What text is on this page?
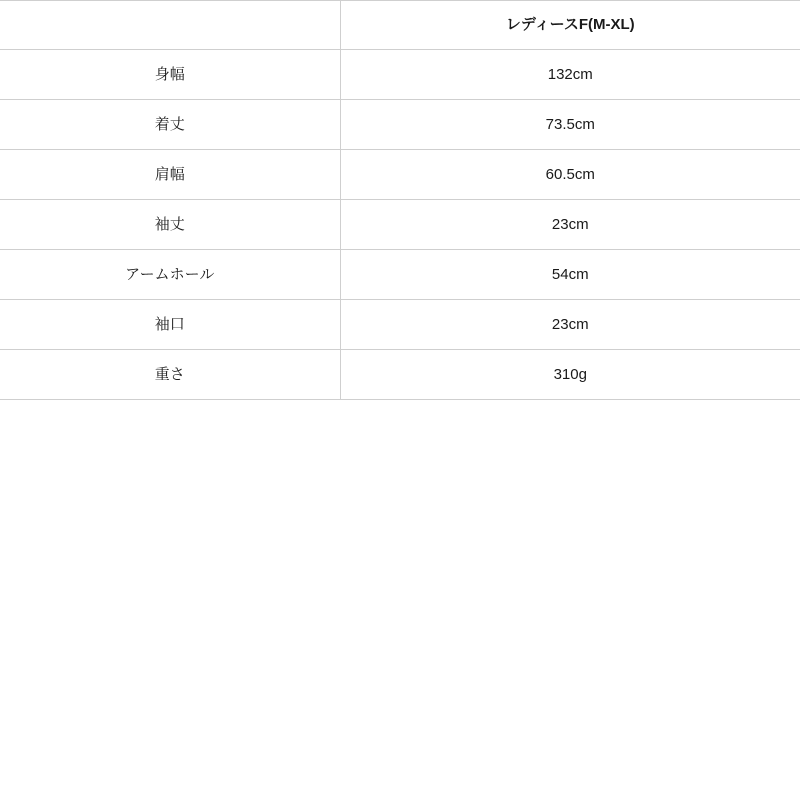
	レディースF(M-XL)
身幅	132cm
着丈	73.5cm
肩幅	60.5cm
袖丈	23cm
アームホール	54cm
袖口	23cm
重さ	310g
